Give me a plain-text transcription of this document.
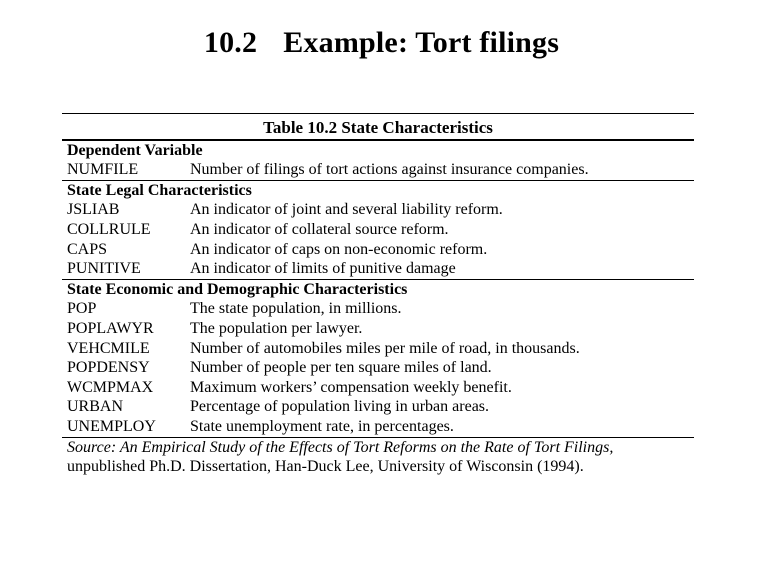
10.2 Example: Tort filings
Table 10.2 State Characteristics
Dependent Variable
NUMFILE	Number of filings of tort actions against insurance companies.
State Legal Characteristics
JSLIAB	An indicator of joint and several liability reform.
COLLRULE	An indicator of collateral source reform.
CAPS	An indicator of caps on non-economic reform.
PUNITIVE	An indicator of limits of punitive damage
State Economic and Demographic Characteristics
POP	The state population, in millions.
POPLAWYR	The population per lawyer.
VEHCMILE	Number of automobiles miles per mile of road, in thousands.
POPDENSY	Number of people per ten square miles of land.
WCMPMAX	Maximum workers’ compensation weekly benefit.
URBAN	Percentage of population living in urban areas.
UNEMPLOY	State unemployment rate, in percentages.
Source: An Empirical Study of the Effects of Tort Reforms on the Rate of Tort Filings,
unpublished Ph.D. Dissertation, Han-Duck Lee, University of Wisconsin (1994).
